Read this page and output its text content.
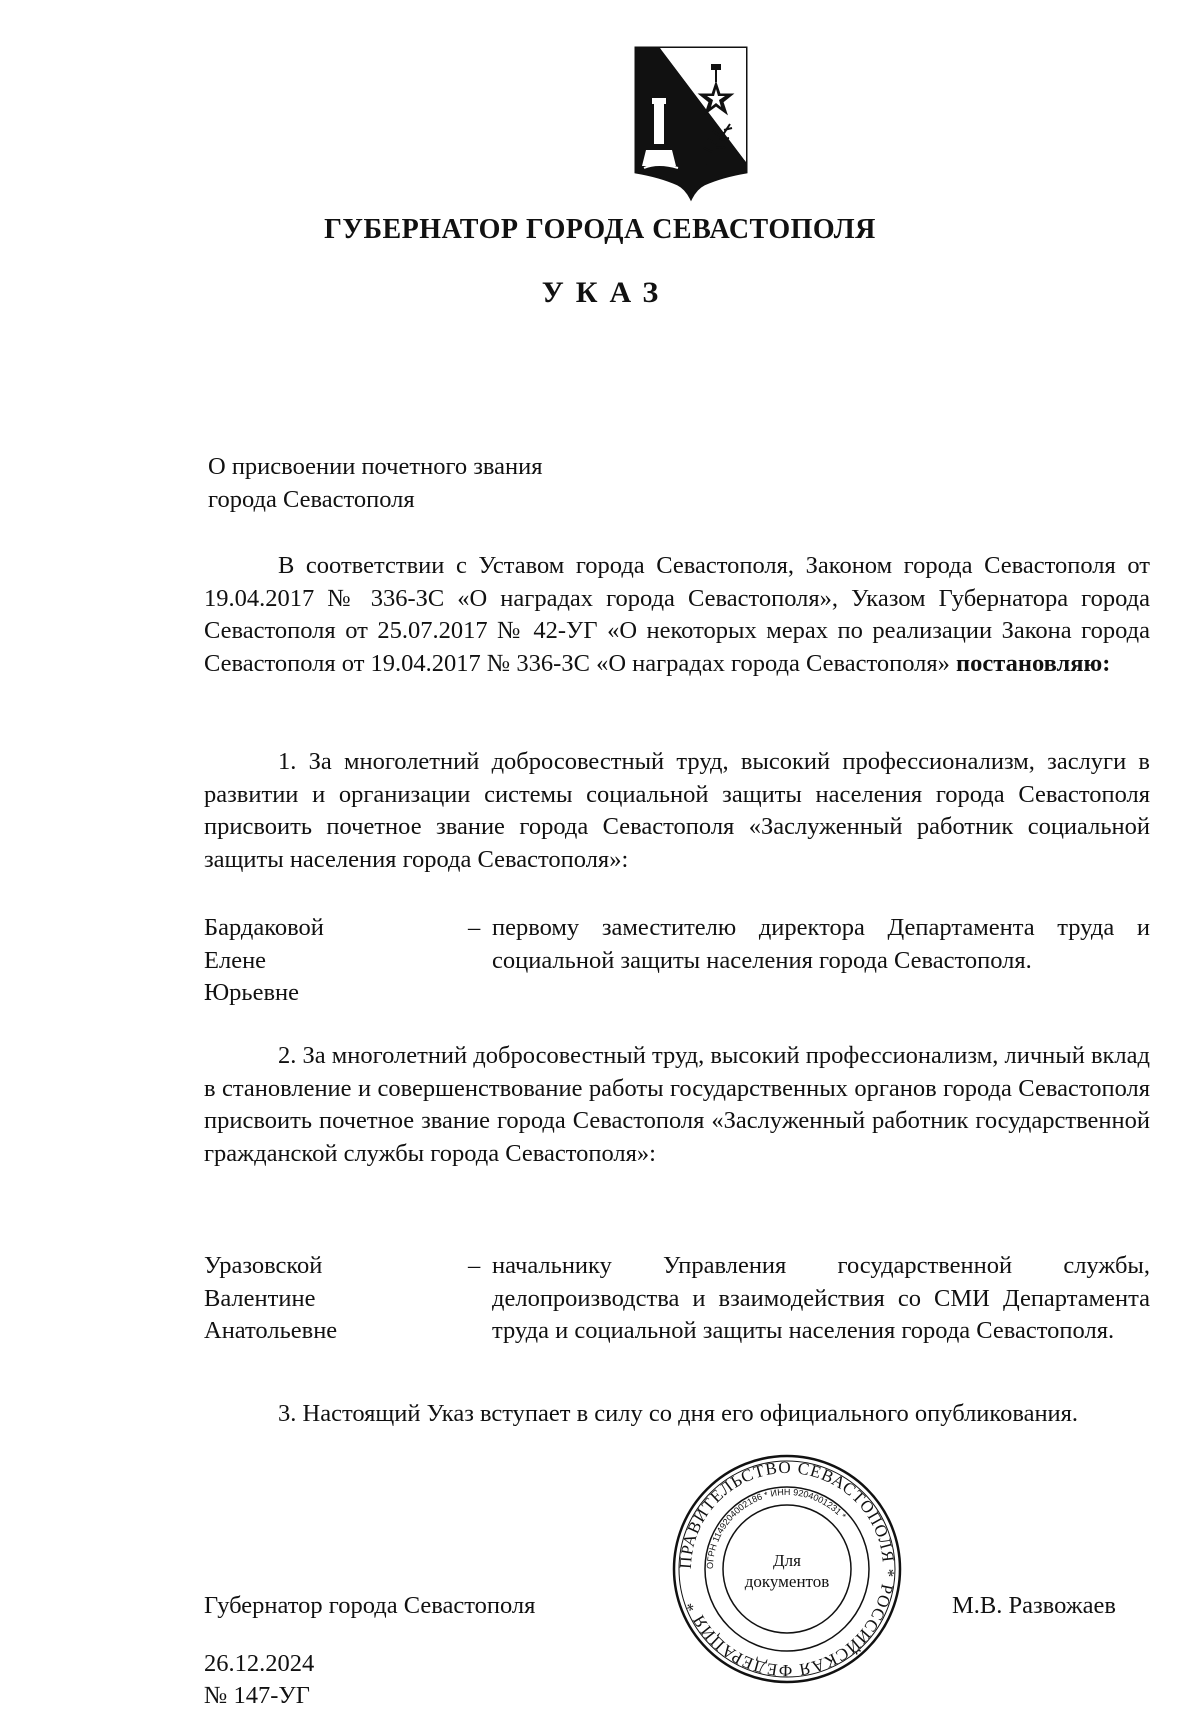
ГУБЕРНАТОР ГОРОДА СЕВАСТОПОЛЯ
УКАЗ
О присвоении почетного звания
города Севастополя

В соответствии с Уставом города Севастополя, Законом города Севастополя от 19.04.2017 № 336-ЗС «О наградах города Севастополя», Указом Губернатора города Севастополя от 25.07.2017 № 42-УГ «О некоторых мерах по реализации Закона города Севастополя от 19.04.2017 № 336-ЗС «О наградах города Севастополя» постановляю:

1. За многолетний добросовестный труд, высокий профессионализм, заслуги в развитии и организации системы социальной защиты населения города Севастополя присвоить почетное звание города Севастополя «Заслуженный работник социальной защиты населения города Севастополя»:

Бардаковой
Елене
Юрьевне
– первому заместителю директора Департамента труда и социальной защиты населения города Севастополя.

2. За многолетний добросовестный труд, высокий профессионализм, личный вклад в становление и совершенствование работы государственных органов города Севастополя присвоить почетное звание города Севастополя «Заслуженный работник государственной гражданской службы города Севастополя»:

Уразовской
Валентине
Анатольевне
– начальнику Управления государственной службы, делопроизводства и взаимодействия со СМИ Департамента труда и социальной защиты населения города Севастополя.

3. Настоящий Указ вступает в силу со дня его официального опубликования.

ПРАВИТЕЛЬСТВО СЕВАСТОПОЛЯ * РОССИЙСКАЯ ФЕДЕРАЦИЯ *
ОГРН 1149204002186 * ИНН 9204001231 *
Для
документов
Губернатор города Севастополя	М.В. Развожаев
26.12.2024
№ 147-УГ
